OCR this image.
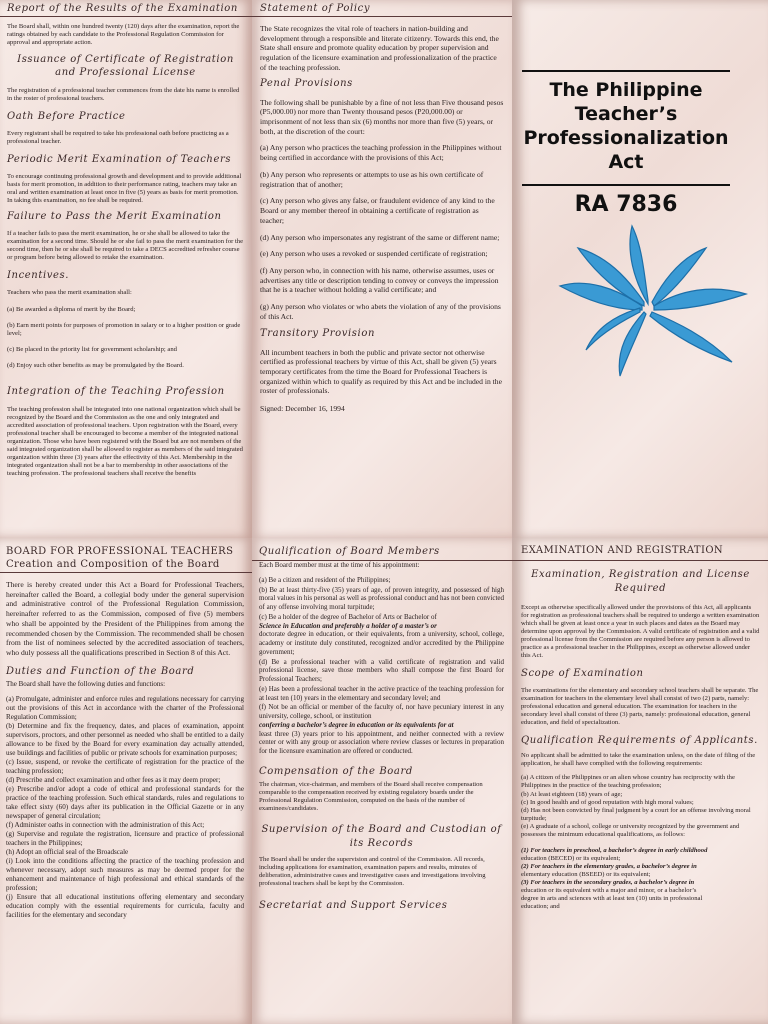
Report of the Results of the Examination

The Board shall, within one hundred twenty (120) days after the examination, report the ratings obtained by each candidate to the Professional Regulation Commission for approval and appropriate action.

Issuance of Certificate of Registration and Professional License

The registration of a professional teacher commences from the date his name is enrolled in the roster of professional teachers.

Oath Before Practice

Every registrant shall be required to take his professional oath before practicing as a professional teacher.

Periodic Merit Examination of Teachers

To encourage continuing professional growth and development and to provide additional basis for merit promotion, in addition to their performance rating, teachers may take an oral and written examination at least once in five (5) years as basis for merit promotion. In taking this examination, no fee shall be required.

Failure to Pass the Merit Examination

If a teacher fails to pass the merit examination, he or she shall be allowed to take the examination for a second time. Should he or she fail to pass the merit examination for the second time, then he or she shall be required to take a DECS accredited refresher course or program before being allowed to retake the examination.

Incentives.

Teachers who pass the merit examination shall:

(a) Be awarded a diploma of merit by the Board;

(b) Earn merit points for purposes of promotion in salary or to a higher position or grade level;

(c) Be placed in the priority list for government scholarship; and

(d) Enjoy such other benefits as may be promulgated by the Board.

Integration of the Teaching Profession

The teaching profession shall be integrated into one national organization which shall be recognized by the Board and the Commission as the one and only integrated and accredited association of professional teachers. Upon registration with the Board, every professional teacher shall be encouraged to become a member of the integrated national organization. Those who have been registered with the Board but are not members of the said integrated organization shall be allowed to register as members of the said integrated organization within three (3) years after the effectivity of this Act. Membership in the integrated organization shall not be a bar to membership in other associations of the teaching profession. The professional teachers shall receive the benefits

Statement of Policy

The State recognizes the vital role of teachers in nation-building and development through a responsible and literate citizenry. Towards this end, the State shall ensure and promote quality education by proper supervision and regulation of the licensure examination and professionalization of the practice of the teaching profession.

Penal Provisions

The following shall be punishable by a fine of not less than Five thousand pesos (P5,000.00) nor more than Twenty thousand pesos (P20,000.00) or imprisonment of not less than six (6) months nor more than five (5) years, or both, at the discretion of the court:

(a) Any person who practices the teaching profession in the Philippines without being certified in accordance with the provisions of this Act;

(b) Any person who represents or attempts to use as his own certificate of registration that of another;

(c) Any person who gives any false, or fraudulent evidence of any kind to the Board or any member thereof in obtaining a certificate of registration as teacher;

(d) Any person who impersonates any registrant of the same or different name;

(e) Any person who uses a revoked or suspended certificate of registration;

(f) Any person who, in connection with his name, otherwise assumes, uses or advertises any title or description tending to convey or conveys the impression that he is a teacher without holding a valid certificate; and

(g) Any person who violates or who abets the violation of any of the provisions of this Act.

Transitory Provision

All incumbent teachers in both the public and private sector not otherwise certified as professional teachers by virtue of this Act, shall be given (5) years temporary certificates from the time the Board for Professional Teachers is organized within which to qualify as required by this Act and be included in the roster of professionals.

Signed: December 16, 1994

The Philippine Teacher’s Professionalization Act
RA 7836

BOARD FOR PROFESSIONAL TEACHERS

Creation and Composition of the Board

There is hereby created under this Act a Board for Professional Teachers, hereinafter called the Board, a collegial body under the general supervision and administrative control of the Professional Regulation Commission, hereinafter referred to as the Commission, composed of five (5) members who shall be appointed by the President of the Philippines from among the recommended chosen by the Commission. The recommended shall be chosen from the list of nominees selected by the accredited association of teachers, who duly possess all the qualifications prescribed in Section 8 of this Act.

Duties and Function of the Board

The Board shall have the following duties and functions:

(a) Promulgate, administer and enforce rules and regulations necessary for carrying out the provisions of this Act in accordance with the charter of the Professional Regulation Commission;
(b) Determine and fix the frequency, dates, and places of examination, appoint supervisors, proctors, and other personnel as needed who shall be entitled to a daily allowance to be fixed by the Board for every examination day actually attended, use buildings and facilities of public or private schools for examination purposes;
(c) Issue, suspend, or revoke the certificate of registration for the practice of the teaching profession;
(d) Prescribe and collect examination and other fees as it may deem proper;
(e) Prescribe and/or adopt a code of ethical and professional standards for the practice of the teaching profession. Such ethical standards, rules and regulations to take effect sixty (60) days after its publication in the Official Gazette or in any newspaper of general circulation;
(f) Administer oaths in connection with the administration of this Act;
(g) Supervise and regulate the registration, licensure and practice of professional teachers in the Philippines;
(h) Adopt an official seal of the Broadscale
(i) Look into the conditions affecting the practice of the teaching profession and whenever necessary, adopt such measures as may be deemed proper for the enhancement and maintenance of high professional and ethical standards of the profession;
(j) Ensure that all educational institutions offering elementary and secondary education comply with the essential requirements for curricula, faculty and facilities for the elementary and secondary

Qualification of Board Members

Each Board member must at the time of his appointment:

(a) Be a citizen and resident of the Philippines;

(b) Be at least thirty-five (35) years of age, of proven integrity, and possessed of high moral values in his personal as well as professional conduct and has not been convicted of any offense involving moral turpitude;

(c) Be a holder of the degree of Bachelor of Arts or Bachelor of

Science in Education and preferably a holder of a master’s or

doctorate degree in education, or their equivalents, from a university, school, college, academy or institute duly constituted, recognized and/or accredited by the Philippine government;

(d) Be a professional teacher with a valid certificate of registration and valid professional license, save those members who shall compose the first Board for Professional Teachers;

(e) Has been a professional teacher in the active practice of the teaching profession for at least ten (10) years in the elementary and secondary level; and

(f) Not be an official or member of the faculty of, nor have pecuniary interest in any university, college, school, or institution

conferring a bachelor’s degree in education or its equivalents for at

least three (3) years prior to his appointment, and neither connected with a review center or with any group or association where review classes or lectures in preparation for the licensure examination are offered or conducted.

Compensation of the Board

The chairman, vice-chairman, and members of the Board shall receive compensation comparable to the compensation received by existing regulatory boards under the Professional Regulation Commission, computed on the basis of the number of examinees/candidates.

Supervision of the Board and Custodian of its Records

The Board shall be under the supervision and control of the Commission. All records, including applications for examination, examination papers and results, minutes of deliberation, administrative cases and investigative cases and investigations involving professional teachers shall be kept by the Commission.

Secretariat and Support Services

EXAMINATION AND REGISTRATION

Examination, Registration and License Required

Except as otherwise specifically allowed under the provisions of this Act, all applicants for registration as professional teachers shall be required to undergo a written examination which shall be given at least once a year in such places and dates as the Board may determine upon approval by the Commission. A valid certificate of registration and a valid professional license from the Commission are required before any person is allowed to practice as a professional teacher in the Philippines, except as otherwise allowed under this Act.

Scope of Examination

The examinations for the elementary and secondary school teachers shall be separate. The examination for teachers in the elementary level shall consist of two (2) parts, namely: professional education and general education. The examination for teachers in the secondary level shall consist of three (3) parts, namely: professional education, general education, and field of specialization.

Qualification Requirements of Applicants.

No applicant shall be admitted to take the examination unless, on the date of filing of the application, he shall have complied with the following requirements:

(a) A citizen of the Philippines or an alien whose country has reciprocity with the Philippines in the practice of the teaching profession;

(b) At least eighteen (18) years of age;

(c) In good health and of good reputation with high moral values;

(d) Has not been convicted by final judgment by a court for an offense involving moral turpitude;

(e) A graduate of a school, college or university recognized by the government and possesses the minimum educational qualifications, as follows:

(1) For teachers in preschool, a bachelor’s degree in early childhood

education (BECED) or its equivalent;

(2) For teachers in the elementary grades, a bachelor’s degree in

elementary education (BSEED) or its equivalent;

(3) For teachers in the secondary grades, a bachelor’s degree in

education or its equivalent with a major and minor, or a bachelor’s

degree in arts and sciences with at least ten (10) units in professional

education; and
